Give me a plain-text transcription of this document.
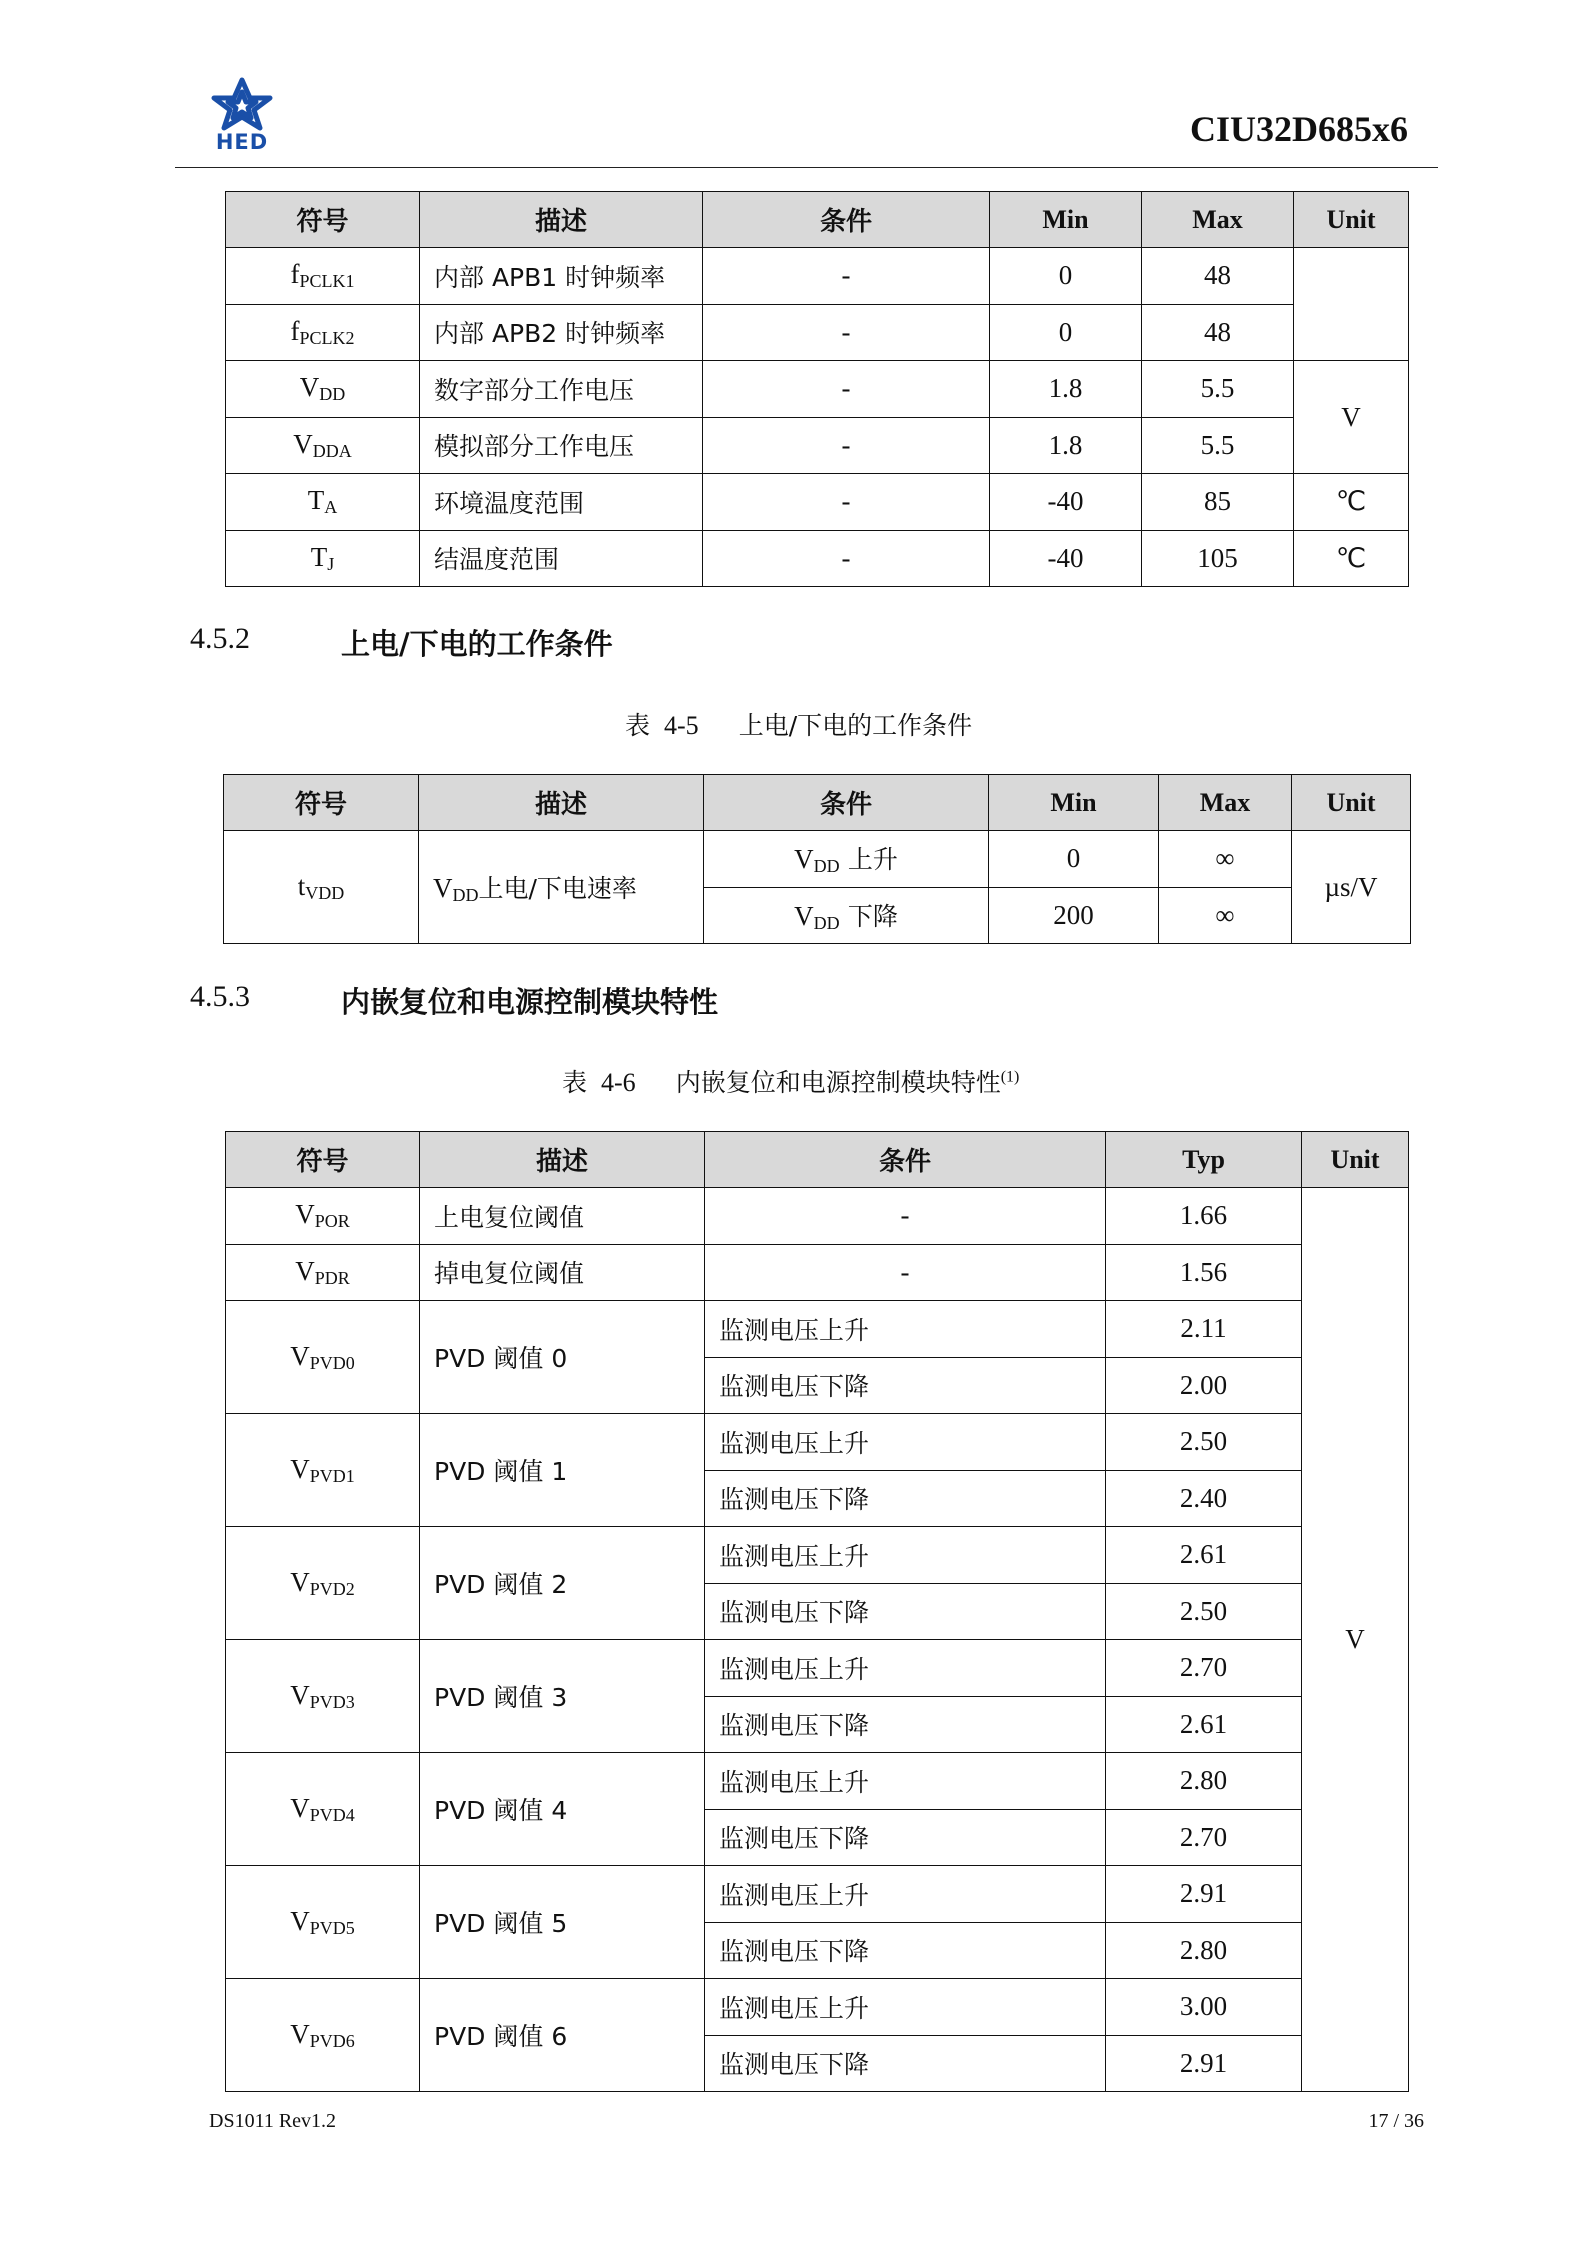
HED	CIU32D685x6
符号	描述	条件	Min	Max	Unit
$f_{PCLK1}$	内部 APB1 时钟频率	-	0	48	
$f_{PCLK2}$	内部 APB2 时钟频率	-	0	48	
$V_{DD}$	数字部分工作电压	-	1.8	5.5	V
$V_{DDA}$	模拟部分工作电压	-	1.8	5.5	
$T_A$	环境温度范围	-	-40	85	℃
$T_J$	结温度范围	-	-40	105	℃
4.5.2	上电/下电的工作条件
表 4-5 上电/下电的工作条件
符号	描述	条件	Min	Max	Unit
$t_{VDD}$	$V_{DD}$上电/下电速率	$V_{DD}$ 上升	0	∞	µs/V
		$V_{DD}$ 下降	200	∞	
4.5.3	内嵌复位和电源控制模块特性
表 4-6 内嵌复位和电源控制模块特性$^{(1)}$
符号	描述	条件	Typ	Unit
$V_{POR}$	上电复位阈值	-	1.66	V
$V_{PDR}$	掉电复位阈值	-	1.56	
$V_{PVD0}$	PVD 阈值 0	监测电压上升	2.11	
		监测电压下降	2.00	
$V_{PVD1}$	PVD 阈值 1	监测电压上升	2.50	
		监测电压下降	2.40	
$V_{PVD2}$	PVD 阈值 2	监测电压上升	2.61	
		监测电压下降	2.50	
$V_{PVD3}$	PVD 阈值 3	监测电压上升	2.70	
		监测电压下降	2.61	
$V_{PVD4}$	PVD 阈值 4	监测电压上升	2.80	
		监测电压下降	2.70	
$V_{PVD5}$	PVD 阈值 5	监测电压上升	2.91	
		监测电压下降	2.80	
$V_{PVD6}$	PVD 阈值 6	监测电压上升	3.00	
		监测电压下降	2.91	
DS1011 Rev1.2	17 / 36
